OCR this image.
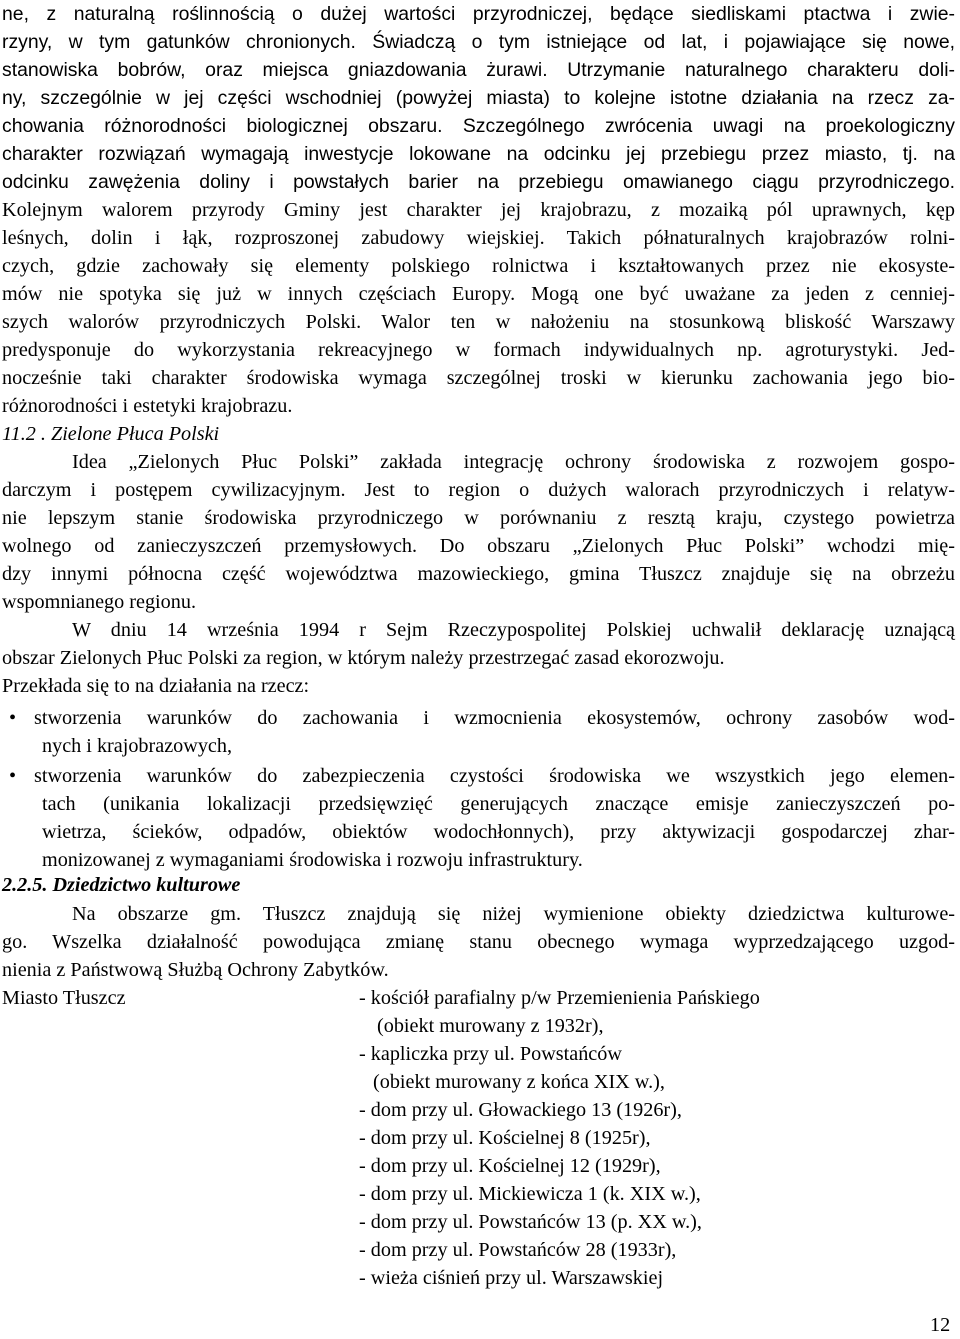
ne, z naturalną roślinnością o dużej wartości przyrodniczej, będące siedliskami ptactwa i zwie-
rzyny, w tym gatunków chronionych. Świadczą o tym istniejące od lat, i pojawiające się nowe,
stanowiska bobrów, oraz miejsca gniazdowania żurawi. Utrzymanie naturalnego charakteru doli-
ny, szczególnie w jej części wschodniej (powyżej miasta) to kolejne istotne działania na rzecz za-
chowania różnorodności biologicznej obszaru. Szczególnego zwrócenia uwagi na proekologiczny
charakter rozwiązań wymagają inwestycje lokowane na odcinku jej przebiegu przez miasto, tj. na
odcinku zawężenia doliny i powstałych barier na przebiegu omawianego ciągu przyrodniczego.
Kolejnym walorem przyrody Gminy jest charakter jej krajobrazu, z mozaiką pól uprawnych, kęp
leśnych, dolin i łąk, rozproszonej zabudowy wiejskiej. Takich półnaturalnych krajobrazów rolni-
czych, gdzie zachowały się elementy polskiego rolnictwa i kształtowanych przez nie ekosyste-
mów nie spotyka się już w innych częściach Europy. Mogą one być uważane za jeden z cenniej-
szych walorów przyrodniczych Polski. Walor ten w nałożeniu na stosunkową bliskość Warszawy
predysponuje do wykorzystania rekreacyjnego w formach indywidualnych np. agroturystyki. Jed-
nocześnie taki charakter środowiska wymaga szczególnej troski w kierunku zachowania jego bio-
różnorodności i estetyki krajobrazu.
11.2 . Zielone Płuca Polski
Idea „Zielonych Płuc Polski” zakłada integrację ochrony środowiska z rozwojem gospo-
darczym i postępem cywilizacyjnym. Jest to region o dużych walorach przyrodniczych i relatyw-
nie lepszym stanie środowiska przyrodniczego w porównaniu z resztą kraju, czystego powietrza
wolnego od zanieczyszczeń przemysłowych. Do obszaru „Zielonych Płuc Polski” wchodzi mię-
dzy innymi północna część województwa mazowieckiego, gmina Tłuszcz znajduje się na obrzeżu
wspomnianego regionu.
W dniu 14 września 1994 r Sejm Rzeczypospolitej Polskiej uchwalił deklarację uznającą
obszar Zielonych Płuc Polski za region, w którym należy przestrzegać zasad ekorozwoju.
Przekłada się to na działania na rzecz:
• stworzenia warunków do zachowania i wzmocnienia ekosystemów, ochrony zasobów wod-
nych i krajobrazowych,
• stworzenia warunków do zabezpieczenia czystości środowiska we wszystkich jego elemen-
tach (unikania lokalizacji przedsięwzięć generujących znaczące emisje zanieczyszczeń po-
wietrza, ścieków, odpadów, obiektów wodochłonnych), przy aktywizacji gospodarczej zhar-
monizowanej z wymaganiami środowiska i rozwoju infrastruktury.
2.2.5. Dziedzictwo kulturowe
Na obszarze gm. Tłuszcz znajdują się niżej wymienione obiekty dziedzictwa kulturowe-
go. Wszelka działalność powodująca zmianę stanu obecnego wymaga wyprzedzającego uzgod-
nienia z Państwową Służbą Ochrony Zabytków.
Miasto Tłuszcz	- kościół parafialny p/w Przemienienia Pańskiego
(obiekt murowany z 1932r),
- kapliczka przy ul. Powstańców
(obiekt murowany z końca XIX w.),
- dom przy ul. Głowackiego 13 (1926r),
- dom przy ul. Kościelnej 8 (1925r),
- dom przy ul. Kościelnej 12 (1929r),
- dom przy ul. Mickiewicza 1 (k. XIX w.),
- dom przy ul. Powstańców 13 (p. XX w.),
- dom przy ul. Powstańców 28 (1933r),
- wieża ciśnień przy ul. Warszawskiej
12
